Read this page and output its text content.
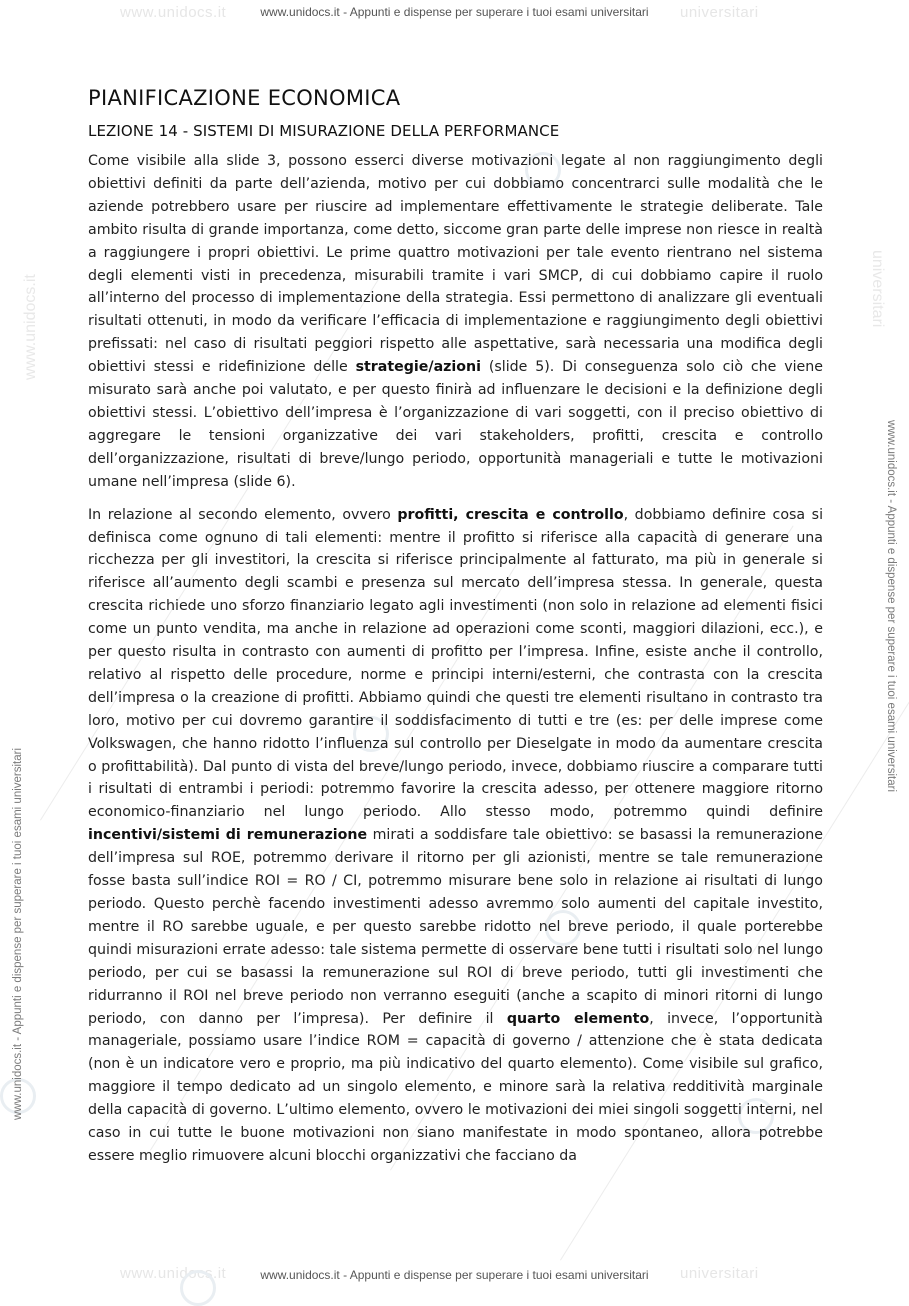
www.unidocs.it	universitari
www.unidocs.it	universitari
www.unidocs.it	universitari
www.unidocs.it - Appunti e dispense per superare i tuoi esami universitari
www.unidocs.it - Appunti e dispense per superare i tuoi esami universitari
www.unidocs.it - Appunti e dispense per superare i tuoi esami universitari
www.unidocs.it - Appunti e dispense per superare i tuoi esami universitari
PIANIFICAZIONE ECONOMICA
LEZIONE 14 - SISTEMI DI MISURAZIONE DELLA PERFORMANCE

Come visibile alla slide 3, possono esserci diverse motivazioni legate al non raggiungimento degli obiettivi definiti da parte dell’azienda, motivo per cui dobbiamo concentrarci sulle modalità che le aziende potrebbero usare per riuscire ad implementare effettivamente le strategie deliberate. Tale ambito risulta di grande importanza, come detto, siccome gran parte delle imprese non riesce in realtà a raggiungere i propri obiettivi. Le prime quattro motivazioni per tale evento rientrano nel sistema degli elementi visti in precedenza, misurabili tramite i vari SMCP, di cui dobbiamo capire il ruolo all’interno del processo di implementazione della strategia. Essi permettono di analizzare gli eventuali risultati ottenuti, in modo da verificare l’efficacia di implementazione e raggiungimento degli obiettivi prefissati: nel caso di risultati peggiori rispetto alle aspettative, sarà necessaria una modifica degli obiettivi stessi e ridefinizione delle strategie/azioni (slide 5). Di conseguenza solo ciò che viene misurato sarà anche poi valutato, e per questo finirà ad influenzare le decisioni e la definizione degli obiettivi stessi. L’obiettivo dell’impresa è l’organizzazione di vari soggetti, con il preciso obiettivo di aggregare le tensioni organizzative dei vari stakeholders, profitti, crescita e controllo dell’organizzazione, risultati di breve/lungo periodo, opportunità manageriali e tutte le motivazioni umane nell’impresa (slide 6).

In relazione al secondo elemento, ovvero profitti, crescita e controllo, dobbiamo definire cosa si definisca come ognuno di tali elementi: mentre il profitto si riferisce alla capacità di generare una ricchezza per gli investitori, la crescita si riferisce principalmente al fatturato, ma più in generale si riferisce all’aumento degli scambi e presenza sul mercato dell’impresa stessa. In generale, questa crescita richiede uno sforzo finanziario legato agli investimenti (non solo in relazione ad elementi fisici come un punto vendita, ma anche in relazione ad operazioni come sconti, maggiori dilazioni, ecc.), e per questo risulta in contrasto con aumenti di profitto per l’impresa. Infine, esiste anche il controllo, relativo al rispetto delle procedure, norme e principi interni/esterni, che contrasta con la crescita dell’impresa o la creazione di profitti. Abbiamo quindi che questi tre elementi risultano in contrasto tra loro, motivo per cui dovremo garantire il soddisfacimento di tutti e tre (es: per delle imprese come Volkswagen, che hanno ridotto l’influenza sul controllo per Dieselgate in modo da aumentare crescita o profittabilità). Dal punto di vista del breve/lungo periodo, invece, dobbiamo riuscire a comparare tutti i risultati di entrambi i periodi: potremmo favorire la crescita adesso, per ottenere maggiore ritorno economico-finanziario nel lungo periodo. Allo stesso modo, potremmo quindi definire incentivi/sistemi di remunerazione mirati a soddisfare tale obiettivo: se basassi la remunerazione dell’impresa sul ROE, potremmo derivare il ritorno per gli azionisti, mentre se tale remunerazione fosse basta sull’indice ROI = RO / CI, potremmo misurare bene solo in relazione ai risultati di lungo periodo. Questo perchè facendo investimenti adesso avremmo solo aumenti del capitale investito, mentre il RO sarebbe uguale, e per questo sarebbe ridotto nel breve periodo, il quale porterebbe quindi misurazioni errate adesso: tale sistema permette di osservare bene tutti i risultati solo nel lungo periodo, per cui se basassi la remunerazione sul ROI di breve periodo, tutti gli investimenti che ridurranno il ROI nel breve periodo non verranno eseguiti (anche a scapito di minori ritorni di lungo periodo, con danno per l’impresa). Per definire il quarto elemento, invece, l’opportunità manageriale, possiamo usare l’indice ROM = capacità di governo / attenzione che è stata dedicata (non è un indicatore vero e proprio, ma più indicativo del quarto elemento). Come visibile sul grafico, maggiore il tempo dedicato ad un singolo elemento, e minore sarà la relativa redditività marginale della capacità di governo. L’ultimo elemento, ovvero le motivazioni dei miei singoli soggetti interni, nel caso in cui tutte le buone motivazioni non siano manifestate in modo spontaneo, allora potrebbe essere meglio rimuovere alcuni blocchi organizzativi che facciano da
